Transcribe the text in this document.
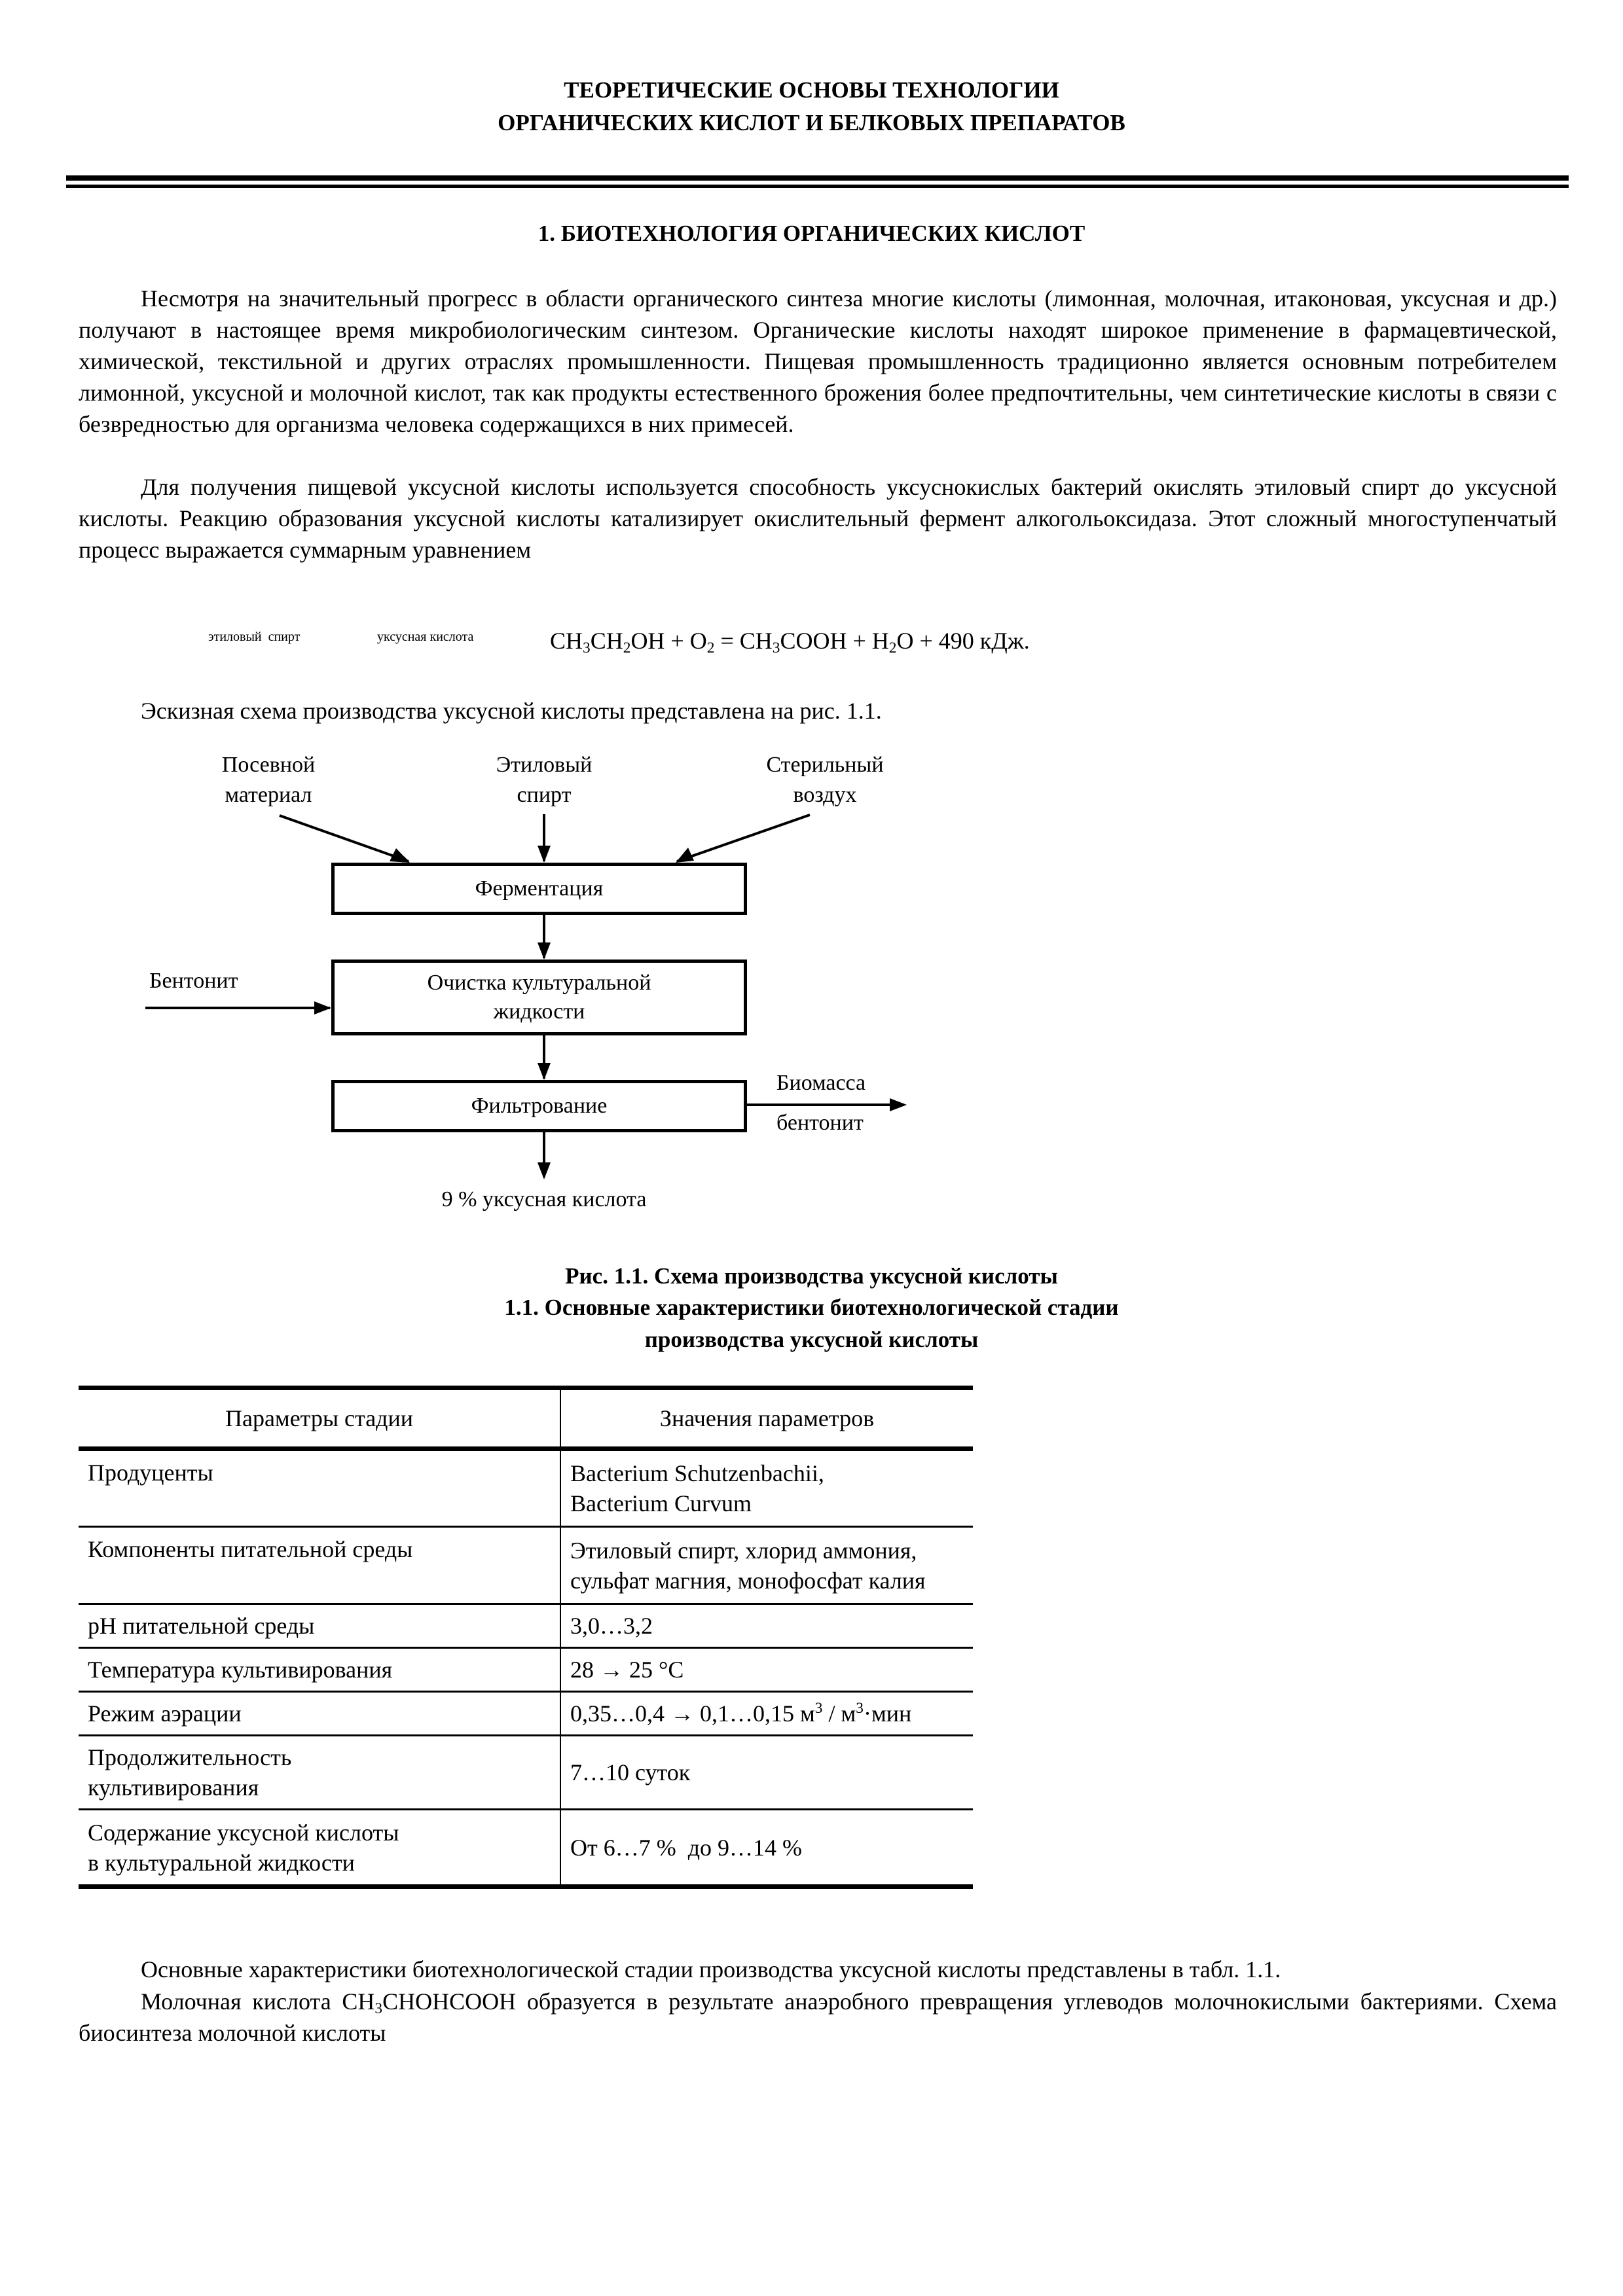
ТЕОРЕТИЧЕСКИЕ ОСНОВЫ ТЕХНОЛОГИИ
ОРГАНИЧЕСКИХ КИСЛОТ И БЕЛКОВЫХ ПРЕПАРАТОВ
1. БИОТЕХНОЛОГИЯ ОРГАНИЧЕСКИХ КИСЛОТ
Несмотря на значительный прогресс в области органического синтеза многие кислоты (лимонная, молочная, итаконовая, уксусная и др.) получают в настоящее время микробиологическим синтезом. Органические кислоты находят широкое применение в фармацевтической, химической, текстильной и других отраслях промышленности. Пищевая промышленность традиционно является основным потребителем лимонной, уксусной и молочной кислот, так как продукты естественного брожения более предпочтительны, чем синтетические кислоты в связи с безвредностью для организма человека содержащихся в них примесей.
Для получения пищевой уксусной кислоты используется способность уксуснокислых бактерий окислять этиловый спирт до уксусной кислоты. Реакцию образования уксусной кислоты катализирует окислительный фермент алкогольоксидаза. Этот сложный многоступенчатый процесс выражается суммарным уравнением

$CH_3CH_2OH + O_2$ = $CH_3COOH + H_2O + 490$ кДж.

этиловый  спирт	уксусная кислота
Эскизная схема производства уксусной кислоты представлена на рис. 1.1.
Посевной
материал
Этиловый
спирт
Стерильный
воздух
Ферментация
Очистка культуральной
жидкости
Фильтрование
Бентонит
Биомасса
бентонит
9 % уксусная кислота
Рис. 1.1. Схема производства уксусной кислоты
1.1. Основные характеристики биотехнологической стадии
производства уксусной кислоты
Параметры стадии	Значения параметров
Продуценты	Bacterium Schutzenbachii,
Bacterium Curvum

Компоненты питательной среды	Этиловый спирт, хлорид аммония,
сульфат магния, монофосфат калия

pH питательной среды	3,0…3,2
Температура культивирования	28 → 25 °С
Режим аэрации	0,35…0,4 → 0,1…0,15 $м^3 / м^3\cdot мин$

Продолжительность
культивирования	7…10 суток

Содержание уксусной кислоты
в культуральной жидкости	От 6…7 %  до 9…14 %
Основные характеристики биотехнологической стадии производства уксусной кислоты представлены в табл. 1.1.
Молочная кислота $CH_3CHOHCOOH$ образуется в результате анаэробного превращения углеводов молочнокислыми бактериями. Схема биосинтеза молочной кислоты
